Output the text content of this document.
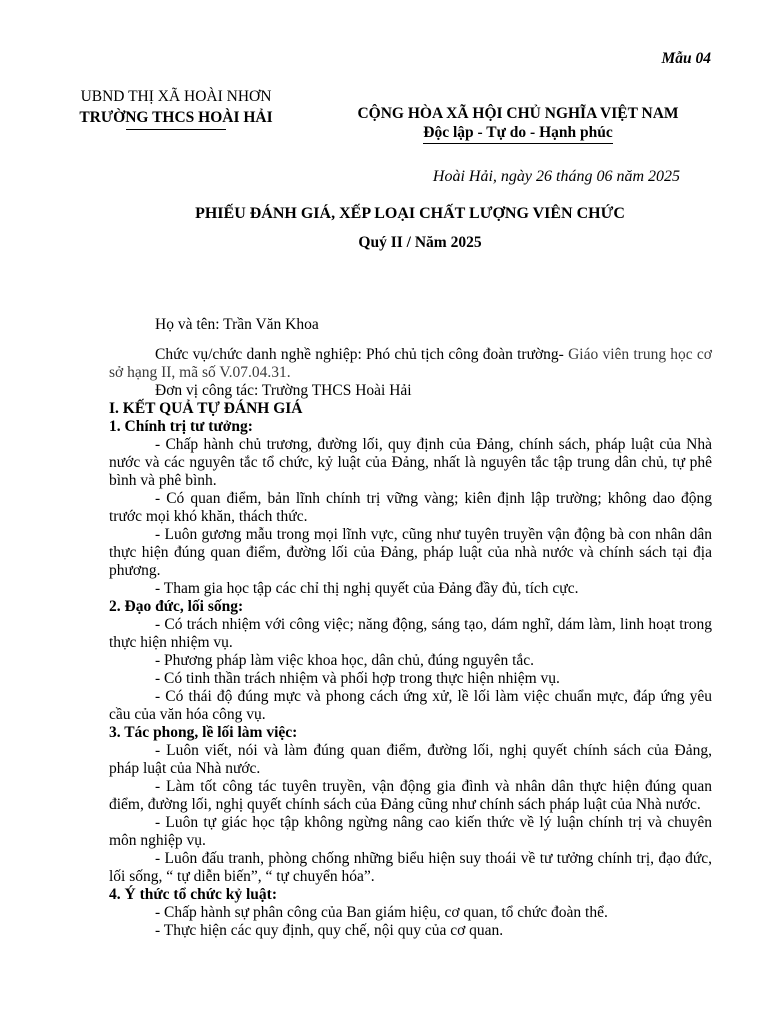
Mẫu 04
UBND THỊ XÃ HOÀI NHƠN
TRƯỜNG THCS HOÀI HẢI	CỘNG HÒA XÃ HỘI CHỦ NGHĨA VIỆT NAM
Độc lập - Tự do - Hạnh phúc
Hoài Hải, ngày 26 tháng 06 năm 2025
PHIẾU ĐÁNH GIÁ, XẾP LOẠI CHẤT LƯỢNG VIÊN CHỨC
Quý II / Năm 2025

Họ và tên: Trần Văn Khoa

Chức vụ/chức danh nghề nghiệp: Phó chủ tịch công đoàn trường- Giáo viên trung học cơ sở hạng II, mã số V.07.04.31.

Đơn vị công tác: Trường THCS Hoài Hải

I. KẾT QUẢ TỰ ĐÁNH GIÁ

1. Chính trị tư tưởng:

- Chấp hành chủ trương, đường lối, quy định của Đảng, chính sách, pháp luật của Nhà nước và các nguyên tắc tổ chức, kỷ luật của Đảng, nhất là nguyên tắc tập trung dân chủ, tự phê bình và phê bình.

- Có quan điểm, bản lĩnh chính trị vững vàng; kiên định lập trường; không dao động trước mọi khó khăn, thách thức.

- Luôn gương mẫu trong mọi lĩnh vực, cũng như tuyên truyền vận động bà con nhân dân thực hiện đúng quan điểm, đường lối của Đảng, pháp luật của nhà nước và chính sách tại địa phương.

- Tham gia học tập các chỉ thị nghị quyết của Đảng đầy đủ, tích cực.

2. Đạo đức, lối sống:

- Có trách nhiệm với công việc; năng động, sáng tạo, dám nghĩ, dám làm, linh hoạt trong thực hiện nhiệm vụ.

- Phương pháp làm việc khoa học, dân chủ, đúng nguyên tắc.

- Có tinh thần trách nhiệm và phối hợp trong thực hiện nhiệm vụ.

- Có thái độ đúng mực và phong cách ứng xử, lề lối làm việc chuẩn mực, đáp ứng yêu cầu của văn hóa công vụ.

3. Tác phong, lề lối làm việc:

- Luôn viết, nói và làm đúng quan điểm, đường lối, nghị quyết chính sách của Đảng, pháp luật của Nhà nước.

- Làm tốt công tác tuyên truyền, vận động gia đình và nhân dân thực hiện đúng quan điểm, đường lối, nghị quyết chính sách của Đảng cũng như chính sách pháp luật của Nhà nước.

- Luôn tự giác học tập không ngừng nâng cao kiến thức về lý luận chính trị và chuyên môn nghiệp vụ.

- Luôn đấu tranh, phòng chống những biểu hiện suy thoái về tư tưởng chính trị, đạo đức, lối sống, “ tự diễn biến”, “ tự chuyển hóa”.

4. Ý thức tổ chức kỷ luật:

- Chấp hành sự phân công của Ban giám hiệu, cơ quan, tổ chức đoàn thể.

- Thực hiện các quy định, quy chế, nội quy của cơ quan.
